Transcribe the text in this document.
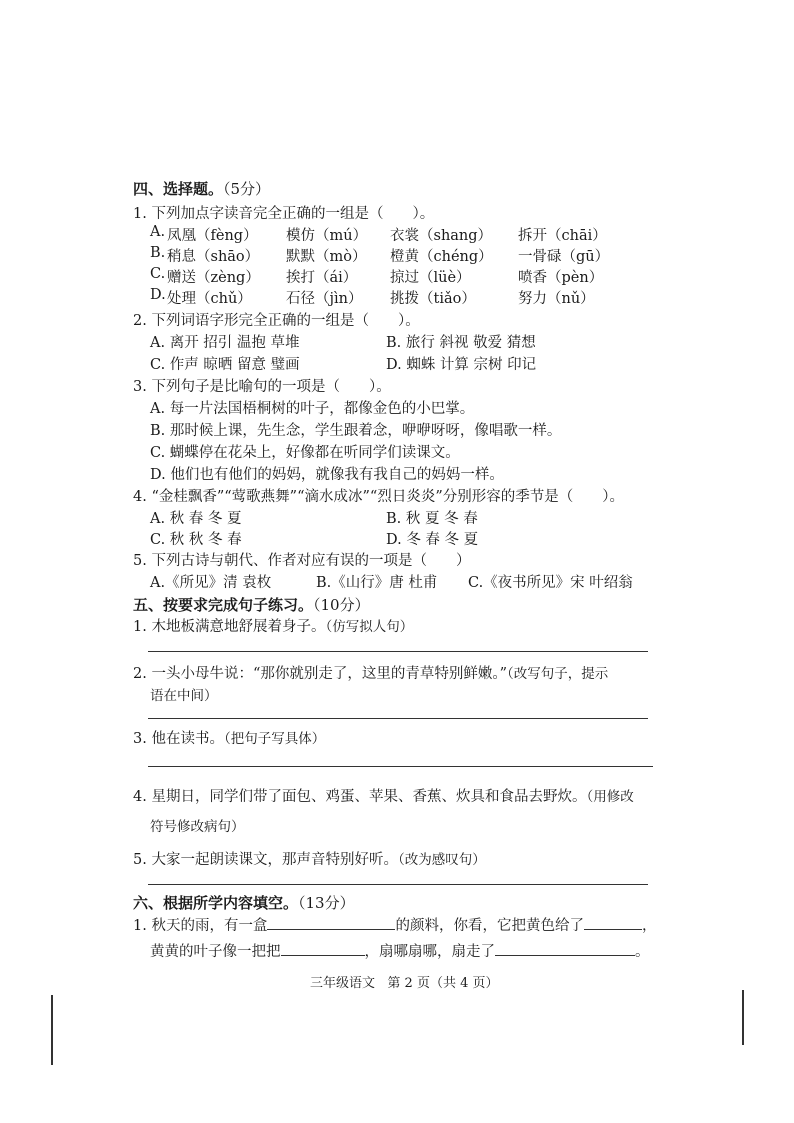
四、选择题。（5分）
1. 下列加点字读音完全正确的一组是（　　）。
A. 凤凰（fèng） 模仿（mú） 衣裳（shang） 拆开（chāi）
B. 稍息（shāo） 默默（mò） 橙黄（chéng） 一骨碌（gū）
C. 赠送（zèng） 挨打（ái） 掠过（lüè）	喷香（pèn）
D. 处理（chǔ） 石径（jìn） 挑拨（tiǎo）	努力（nǔ）
2. 下列词语字形完全正确的一组是（　　）。
A. 离开 招引 温抱 草堆	B. 旅行 斜视 敬爱 猜想
C. 作声 晾晒 留意 璧画	D. 蜘蛛 计算 宗树 印记
3. 下列句子是比喻句的一项是（　　）。
A. 每一片法国梧桐树的叶子，都像金色的小巴掌。
B. 那时候上课，先生念，学生跟着念，咿咿呀呀，像唱歌一样。
C. 蝴蝶停在花朵上，好像都在听同学们读课文。
D. 他们也有他们的妈妈，就像我有我自己的妈妈一样。
4. “金桂飘香”“莺歌燕舞”“滴水成冰”“烈日炎炎”分别形容的季节是（　　）。
A. 秋 春 冬 夏	B. 秋 夏 冬 春
C. 秋 秋 冬 春	D. 冬 春 冬 夏
5. 下列古诗与朝代、作者对应有误的一项是（　　）
A.《所见》清 袁枚	B.《山行》唐 杜甫 C.《夜书所见》宋 叶绍翁
五、按要求完成句子练习。（10分）
1. 木地板满意地舒展着身子。（仿写拟人句）
2. 一头小母牛说：“那你就别走了，这里的青草特别鲜嫩。”（改写句子，提示
语在中间）
3. 他在读书。（把句子写具体）
4. 星期日，同学们带了面包、鸡蛋、苹果、香蕉、炊具和食品去野炊。（用修改
符号修改病句）
5. 大家一起朗读课文，那声音特别好听。（改为感叹句）
六、根据所学内容填空。（13分）
1. 秋天的雨，有一盒	的颜料，你看，它把黄色给了	，
黄黄的叶子像一把把	，扇哪扇哪，扇走了	。
三年级语文 第 2 页（共 4 页）
